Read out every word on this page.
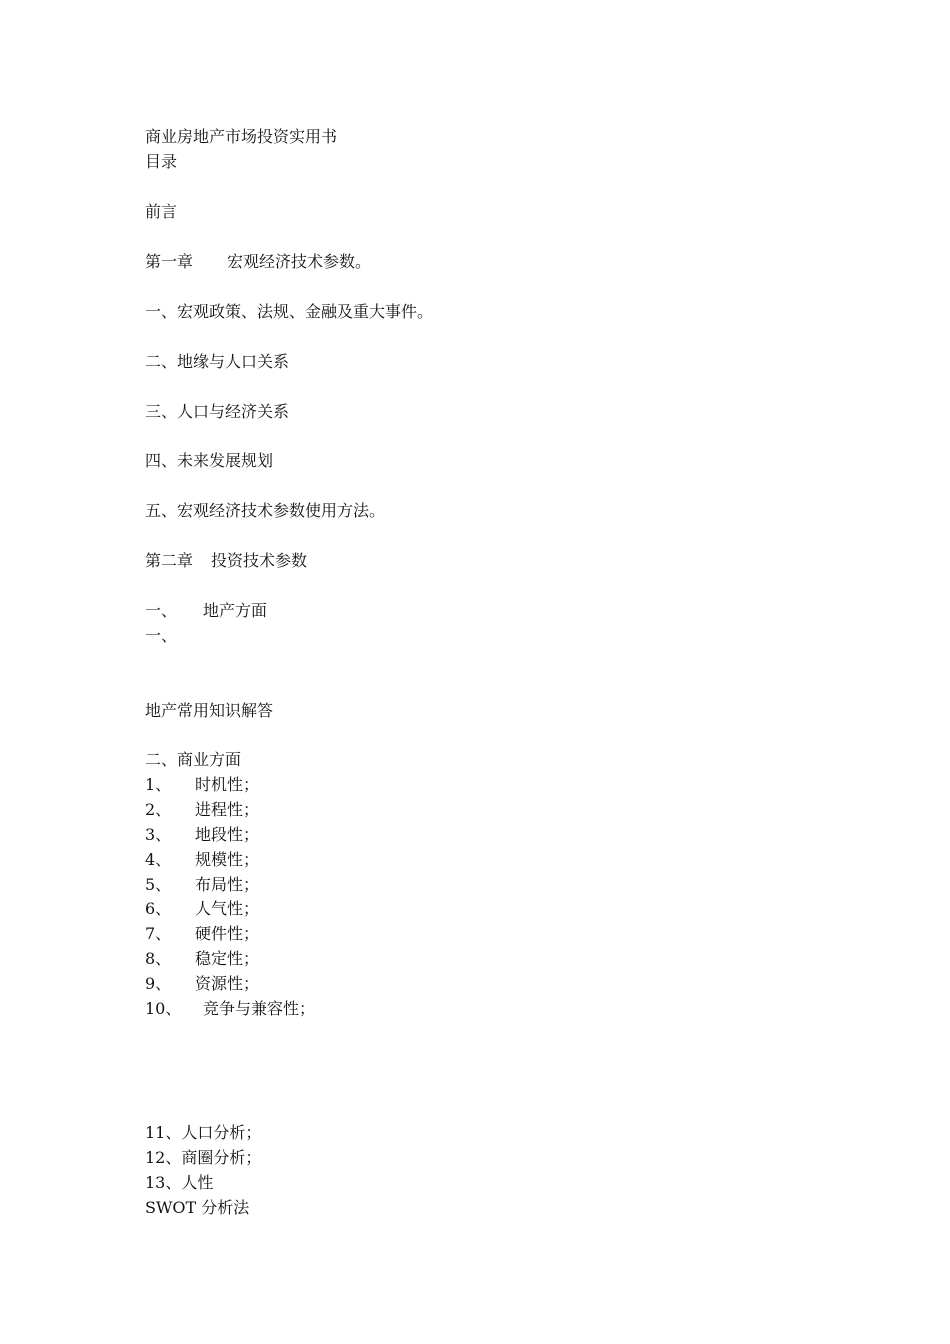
商业房地产市场投资实用书
目录
前言
第一章 宏观经济技术参数。
一、宏观政策、法规、金融及重大事件。
二、地缘与人口关系
三、人口与经济关系
四、未来发展规划
五、宏观经济技术参数使用方法。
第二章 投资技术参数
一、 地产方面
一、
地产常用知识解答
二、商业方面
1、 时机性；
2、 进程性；
3、 地段性；
4、 规模性；
5、 布局性；
6、 人气性；
7、 硬件性；
8、 稳定性；
9、 资源性；
10、 竞争与兼容性；
11、人口分析；
12、商圈分析；
13、人性
SWOT 分析法
